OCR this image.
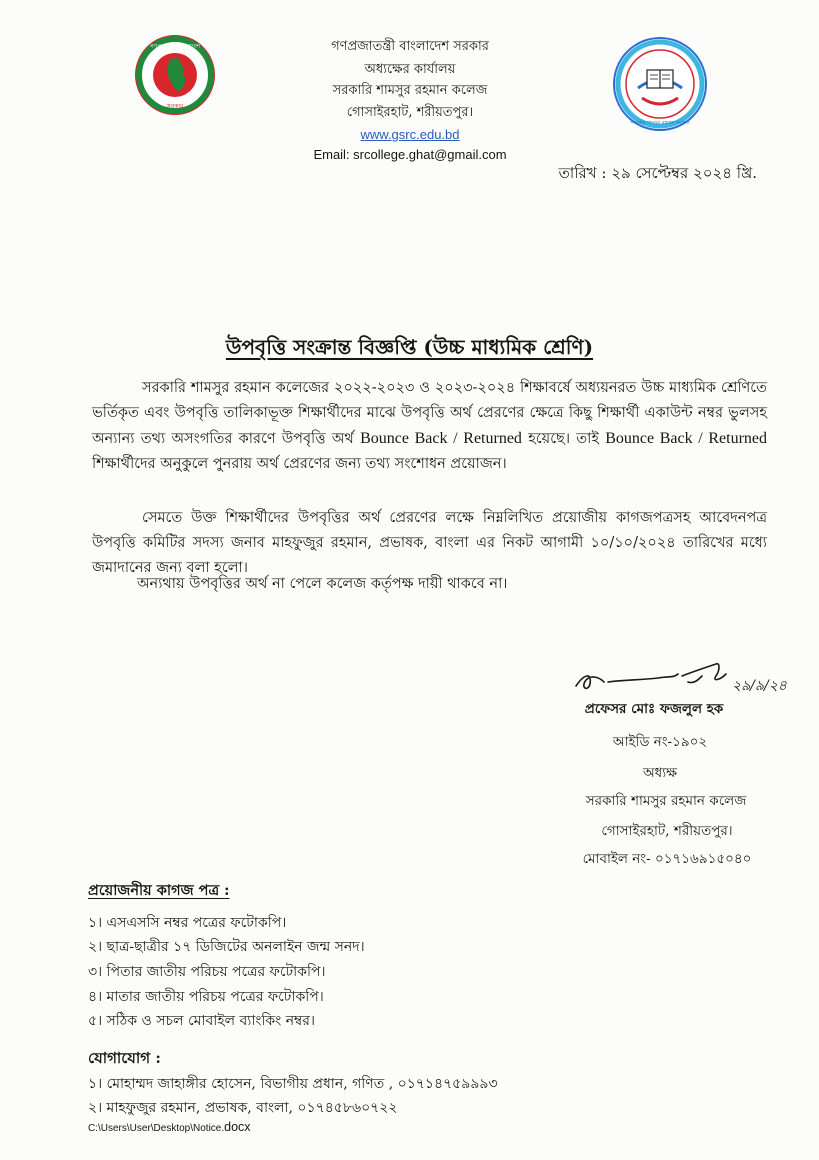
গণপ্রজাতন্ত্রী বাংলাদেশ
সরকার
সরকারি শামসুর রহমান কলেজ
গণপ্রজাতন্ত্রী বাংলাদেশ সরকার
অধ্যক্ষের কার্যালয়
সরকারি শামসুর রহমান কলেজ
গোসাইরহাট, শরীয়তপুর।
www.gsrc.edu.bd
Email: srcollege.ghat@gmail.com
তারিখ : ২৯ সেপ্টেম্বর ২০২৪ খ্রি.
উপবৃত্তি সংক্রান্ত বিজ্ঞপ্তি (উচ্চ মাধ্যমিক শ্রেণি)
সরকারি শামসুর রহমান কলেজের ২০২২-২০২৩ ও ২০২৩-২০২৪ শিক্ষাবর্ষে অধ্যয়নরত উচ্চ মাধ্যমিক শ্রেণিতে ভর্তিকৃত এবং উপবৃত্তি তালিকাভূক্ত শিক্ষার্থীদের মাঝে উপবৃত্তি অর্থ প্রেরণের ক্ষেত্রে কিছু শিক্ষার্থী একাউন্ট নম্বর ভুলসহ অন্যান্য তথ্য অসংগতির কারণে উপবৃত্তি অর্থ Bounce Back / Returned হয়েছে। তাই Bounce Back / Returned শিক্ষার্থীদের অনুকুলে পুনরায় অর্থ প্রেরণের জন্য তথ্য সংশোধন প্রয়োজন।
সেমতে উক্ত শিক্ষার্থীদের উপবৃত্তির অর্থ প্রেরণের লক্ষে নিম্নলিখিত প্রয়োজীয় কাগজপত্রসহ আবেদনপত্র উপবৃত্তি কমিটির সদস্য জনাব মাহফুজুর রহমান, প্রভাষক, বাংলা এর নিকট আগামী ১০/১০/২০২৪ তারিখের মধ্যে জমাদানের জন্য বলা হলো।
অন্যথায় উপবৃত্তির অর্থ না পেলে কলেজ কর্তৃপক্ষ দায়ী থাকবে না।
২৯/৯/২৪
প্রফেসর মোঃ ফজলুল হক
আইডি নং-১৯০২
অধ্যক্ষ
সরকারি শামসুর রহমান কলেজ
গোসাইরহাট, শরীয়তপুর।
মোবাইল নং- ০১৭১৬৯১৫০৪০
প্রয়োজনীয় কাগজ পত্র :
১। এসএসসি নম্বর পত্রের ফটোকপি।
২। ছাত্র-ছাত্রীর ১৭ ডিজিটের অনলাইন জন্ম সনদ।
৩। পিতার জাতীয় পরিচয় পত্রের ফটোকপি।
৪। মাতার জাতীয় পরিচয় পত্রের ফটোকপি।
৫। সঠিক ও সচল মোবাইল ব্যাংকিং নম্বর।
যোগাযোগ :
১। মোহাম্মদ জাহাঙ্গীর হোসেন, বিভাগীয় প্রধান, গণিত , ০১৭১৪৭৫৯৯৯৩
২। মাহফুজুর রহমান, প্রভাষক, বাংলা, ০১৭৪৫৮৬০৭২২
C:\Users\User\Desktop\Notice.docx
